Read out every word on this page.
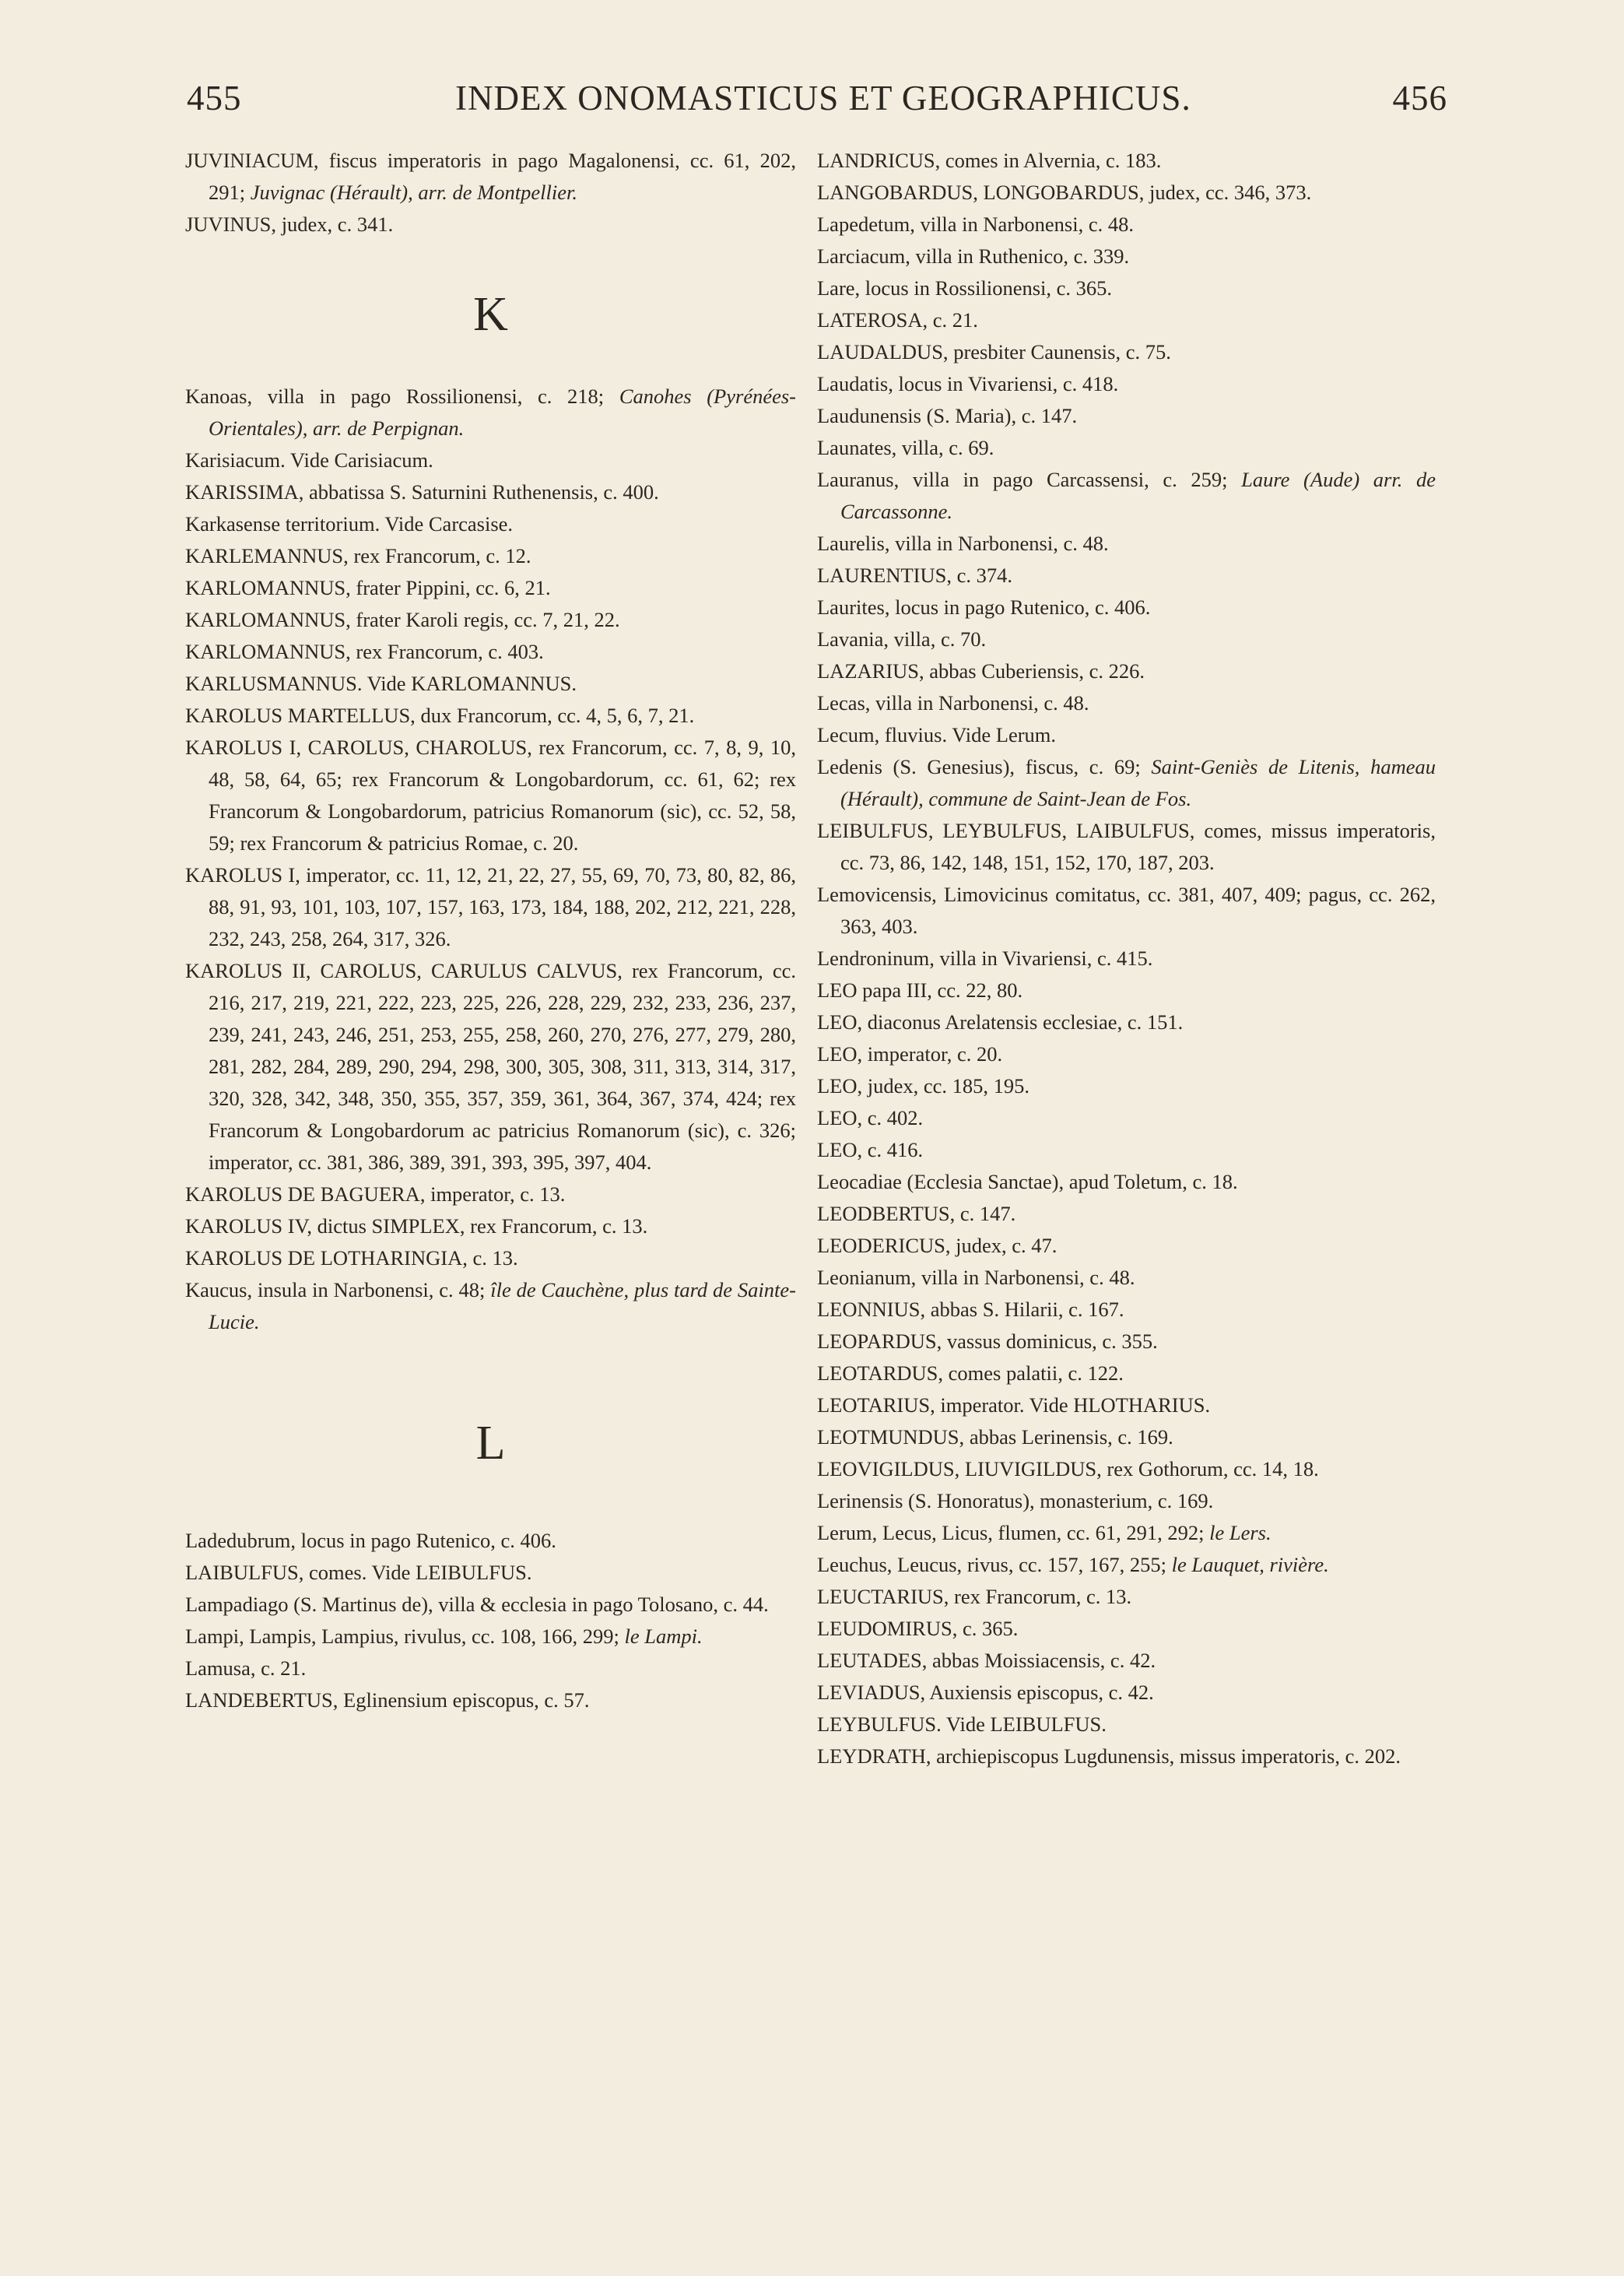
455	INDEX ONOMASTICUS ET GEOGRAPHICUS.	456

JUVINIACUM, fiscus imperatoris in pago Magalonensi, cc. 61, 202, 291; Juvignac (Hérault), arr. de Montpellier.

JUVINUS, judex, c. 341.

K

Kanoas, villa in pago Rossilionensi, c. 218; Canohes (Pyrénées-Orientales), arr. de Perpignan.

Karisiacum. Vide Carisiacum.

KARISSIMA, abbatissa S. Saturnini Ruthenensis, c. 400.

Karkasense territorium. Vide Carcasise.

KARLEMANNUS, rex Francorum, c. 12.

KARLOMANNUS, frater Pippini, cc. 6, 21.

KARLOMANNUS, frater Karoli regis, cc. 7, 21, 22.

KARLOMANNUS, rex Francorum, c. 403.

KARLUSMANNUS. Vide KARLOMANNUS.

KAROLUS MARTELLUS, dux Francorum, cc. 4, 5, 6, 7, 21.

KAROLUS I, CAROLUS, CHAROLUS, rex Francorum, cc. 7, 8, 9, 10, 48, 58, 64, 65; rex Francorum & Longobardorum, cc. 61, 62; rex Francorum & Longobardorum, patricius Romanorum (sic), cc. 52, 58, 59; rex Francorum & patricius Romae, c. 20.

KAROLUS I, imperator, cc. 11, 12, 21, 22, 27, 55, 69, 70, 73, 80, 82, 86, 88, 91, 93, 101, 103, 107, 157, 163, 173, 184, 188, 202, 212, 221, 228, 232, 243, 258, 264, 317, 326.

KAROLUS II, CAROLUS, CARULUS CALVUS, rex Francorum, cc. 216, 217, 219, 221, 222, 223, 225, 226, 228, 229, 232, 233, 236, 237, 239, 241, 243, 246, 251, 253, 255, 258, 260, 270, 276, 277, 279, 280, 281, 282, 284, 289, 290, 294, 298, 300, 305, 308, 311, 313, 314, 317, 320, 328, 342, 348, 350, 355, 357, 359, 361, 364, 367, 374, 424; rex Francorum & Longobardorum ac patricius Romanorum (sic), c. 326; imperator, cc. 381, 386, 389, 391, 393, 395, 397, 404.

KAROLUS DE BAGUERA, imperator, c. 13.

KAROLUS IV, dictus SIMPLEX, rex Francorum, c. 13.

KAROLUS DE LOTHARINGIA, c. 13.

Kaucus, insula in Narbonensi, c. 48; île de Cauchène, plus tard de Sainte-Lucie.

L

Ladedubrum, locus in pago Rutenico, c. 406.

LAIBULFUS, comes. Vide LEIBULFUS.

Lampadiago (S. Martinus de), villa & ecclesia in pago Tolosano, c. 44.

Lampi, Lampis, Lampius, rivulus, cc. 108, 166, 299; le Lampi.

Lamusa, c. 21.

LANDEBERTUS, Eglinensium episcopus, c. 57.

LANDRICUS, comes in Alvernia, c. 183.

LANGOBARDUS, LONGOBARDUS, judex, cc. 346, 373.

Lapedetum, villa in Narbonensi, c. 48.

Larciacum, villa in Ruthenico, c. 339.

Lare, locus in Rossilionensi, c. 365.

LATEROSA, c. 21.

LAUDALDUS, presbiter Caunensis, c. 75.

Laudatis, locus in Vivariensi, c. 418.

Laudunensis (S. Maria), c. 147.

Launates, villa, c. 69.

Lauranus, villa in pago Carcassensi, c. 259; Laure (Aude) arr. de Carcassonne.

Laurelis, villa in Narbonensi, c. 48.

LAURENTIUS, c. 374.

Laurites, locus in pago Rutenico, c. 406.

Lavania, villa, c. 70.

LAZARIUS, abbas Cuberiensis, c. 226.

Lecas, villa in Narbonensi, c. 48.

Lecum, fluvius. Vide Lerum.

Ledenis (S. Genesius), fiscus, c. 69; Saint-Geniès de Litenis, hameau (Hérault), commune de Saint-Jean de Fos.

LEIBULFUS, LEYBULFUS, LAIBULFUS, comes, missus imperatoris, cc. 73, 86, 142, 148, 151, 152, 170, 187, 203.

Lemovicensis, Limovicinus comitatus, cc. 381, 407, 409; pagus, cc. 262, 363, 403.

Lendroninum, villa in Vivariensi, c. 415.

LEO papa III, cc. 22, 80.

LEO, diaconus Arelatensis ecclesiae, c. 151.

LEO, imperator, c. 20.

LEO, judex, cc. 185, 195.

LEO, c. 402.

LEO, c. 416.

Leocadiae (Ecclesia Sanctae), apud Toletum, c. 18.

LEODBERTUS, c. 147.

LEODERICUS, judex, c. 47.

Leonianum, villa in Narbonensi, c. 48.

LEONNIUS, abbas S. Hilarii, c. 167.

LEOPARDUS, vassus dominicus, c. 355.

LEOTARDUS, comes palatii, c. 122.

LEOTARIUS, imperator. Vide HLOTHARIUS.

LEOTMUNDUS, abbas Lerinensis, c. 169.

LEOVIGILDUS, LIUVIGILDUS, rex Gothorum, cc. 14, 18.

Lerinensis (S. Honoratus), monasterium, c. 169.

Lerum, Lecus, Licus, flumen, cc. 61, 291, 292; le Lers.

Leuchus, Leucus, rivus, cc. 157, 167, 255; le Lauquet, rivière.

LEUCTARIUS, rex Francorum, c. 13.

LEUDOMIRUS, c. 365.

LEUTADES, abbas Moissiacensis, c. 42.

LEVIADUS, Auxiensis episcopus, c. 42.

LEYBULFUS. Vide LEIBULFUS.

LEYDRATH, archiepiscopus Lugdunensis, missus imperatoris, c. 202.
